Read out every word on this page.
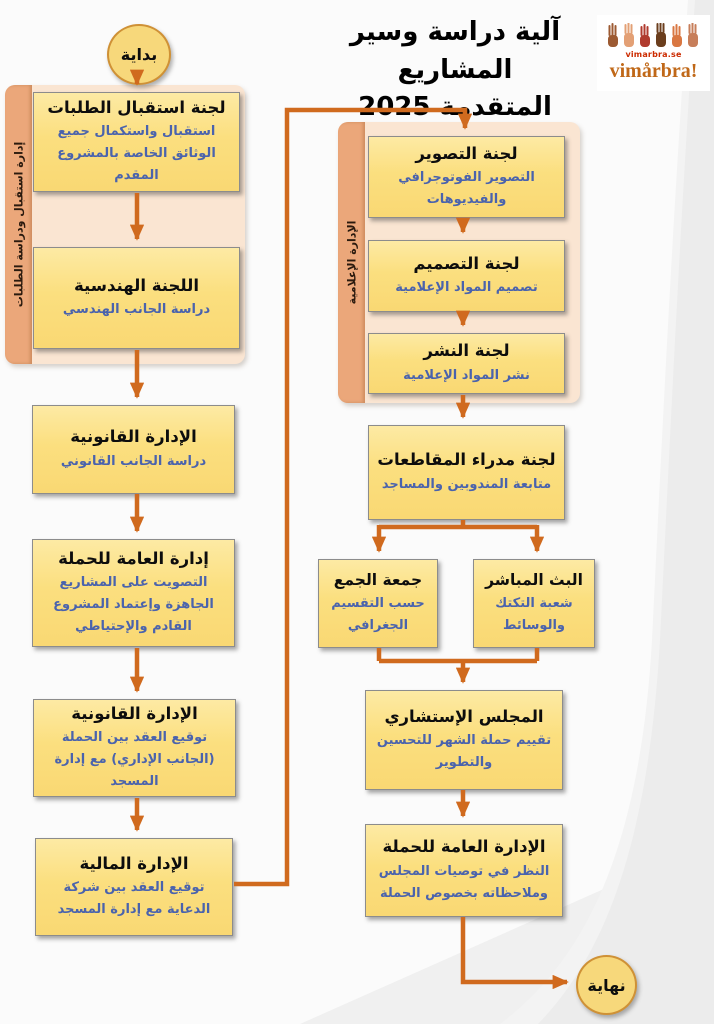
آلية دراسة وسير المشاريع
المتقدمة 2025
vimarbra.se
vimårbra!
بداية
إدارة استقبال ودراسة الطلبات	الإدارة الإعلامية
لجنة استقبال الطلبات
استقبال واستكمال جميع الوثائق الخاصة بالمشروع المقدم
اللجنة الهندسية
دراسة الجانب الهندسي
الإدارة القانونية
دراسة الجانب القانوني
إدارة العامة للحملة
التصويت على المشاريع الجاهزة وإعتماد المشروع القادم والإحتياطي
الإدارة القانونية
توقيع العقد بين الحملة (الجانب الإداري) مع إدارة المسجد
الإدارة المالية
توقيع العقد بين شركة الدعاية مع إدارة المسجد
لجنة التصوير
التصوير الفوتوجرافي والفيديوهات
لجنة التصميم
تصميم المواد الإعلامية
لجنة النشر
نشر المواد الإعلامية
لجنة مدراء المقاطعات
متابعة المندوبين والمساجد
جمعة الجمع
حسب التقسيم الجغرافي
البث المباشر
شعبة التكتك والوسائط
المجلس الإستشاري
تقييم حملة الشهر للتحسين والتطوير
الإدارة العامة للحملة
النظر في توصيات المجلس وملاحظاته بخصوص الحملة
نهاية
